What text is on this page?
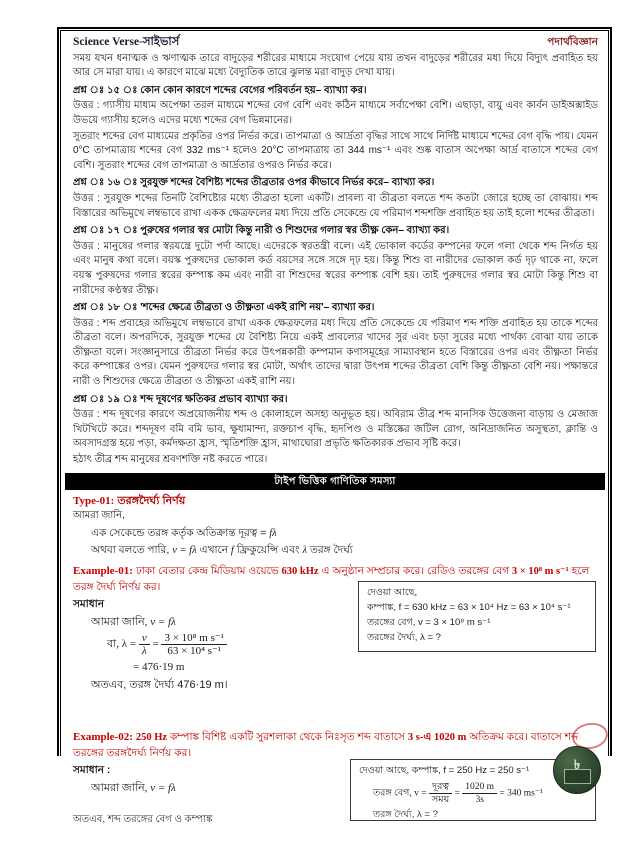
Science Verse-সাইভার্স	পদার্থবিজ্ঞান

সময় যখন ধনাত্মক ও ঋণাত্মক তারে বাদুড়ের শরীরের মাধ্যমে সংযোগ পেয়ে যায় তখন বাদুড়ের শরীরের মধ্য দিয়ে বিদ্যুৎ প্রবাহিত হয় আর সে মারা যায়। এ কারণে মাঝে মধ্যে বৈদ্যুতিক তারে ঝুলন্ত মরা বাদুড় দেখা যায়।

প্রশ্ন ঃ ১৫ ঃ কোন কোন কারণে শব্দের বেগের পরিবর্তন হয়– ব্যাখ্যা কর।

উত্তর : গ্যাসীয় মাধ্যম অপেক্ষা তরল মাধ্যমে শব্দের বেগ বেশি এবং কঠিন মাধ্যমে সর্বাপেক্ষা বেশি। এছাড়া, বায়ু এবং কার্বন ডাইঅক্সাইড উভয়ে গ্যাসীয় হলেও এদের মধ্যে শব্দের বেগ ভিন্নমানের।

সুতরাং শব্দের বেগ মাধ্যমের প্রকৃতির ওপর নির্ভর করে। তাপমাত্রা ও আর্দ্রতা বৃদ্ধির সাথে সাথে নির্দিষ্ট মাধ্যমে শব্দের বেগ বৃদ্ধি পায়। যেমন 0°C তাপমাত্রায় শব্দের বেগ 332 ms⁻¹ হলেও 20°C তাপমাত্রায় তা 344 ms⁻¹ এবং শুষ্ক বাতাস অপেক্ষা আর্দ্র বাতাসে শব্দের বেগ বেশি। সুতরাং শব্দের বেগ তাপমাত্রা ও আর্দ্রতার ওপরও নির্ভর করে।

প্রশ্ন ঃ ১৬ ঃ সুরযুক্ত শব্দের বৈশিষ্ট্য শব্দের তীব্রতার ওপর কীভাবে নির্ভর করে– ব্যাখ্যা কর।

উত্তর : সুরযুক্ত শব্দের তিনটি বৈশিষ্ট্যের মধ্যে তীব্রতা হলো একটি। প্রাবল্য বা তীব্রতা বলতে শব্দ কতটা জোরে হচ্ছে তা বোঝায়। শব্দ বিস্তারের অভিমুখে লম্বভাবে রাখা একক ক্ষেত্রফলের মধ্য দিয়ে প্রতি সেকেন্ডে যে পরিমাণ শব্দশক্তি প্রবাহিত হয় তাই হলো শব্দের তীব্রতা।

প্রশ্ন ঃ ১৭ ঃ পুরুষের গলার স্বর মোটা কিন্তু নারী ও শিশুদের গলার স্বর তীক্ষ্ণ কেন– ব্যাখ্যা কর।

উত্তর : মানুষের গলার স্বরযন্ত্রে দুটো পর্দা আছে। এদেরকে স্বরতন্ত্রী বলে। এই ভোকাল কর্ডের কম্পনের ফলে গলা থেকে শব্দ নির্গত হয় এবং মানুষ কথা বলে। বয়স্ক পুরুষদের ভোকাল কর্ড বয়সের সঙ্গে সঙ্গে দৃঢ় হয়। কিন্তু শিশু বা নারীদের ভোকাল কর্ড দৃঢ় থাকে না, ফলে বয়স্ক পুরুষদের গলার স্বরের কম্পাঙ্ক কম এবং নারী বা শিশুদের স্বরের কম্পাঙ্ক বেশি হয়। তাই পুরুষদের গলার স্বর মোটা কিন্তু শিশু বা নারীদের কণ্ঠস্বর তীক্ষ্ণ।

প্রশ্ন ঃ ১৮ ঃ 'শব্দের ক্ষেত্রে তীব্রতা ও তীক্ষ্ণতা একই রাশি নয়'– ব্যাখ্যা কর।

উত্তর : শব্দ প্রবাহের অভিমুখে লম্বভাবে রাখা একক ক্ষেত্রফলের মধ্য দিয়ে প্রতি সেকেন্ডে যে পরিমাণ শব্দ শক্তি প্রবাহিত হয় তাকে শব্দের তীব্রতা বলে। অপরদিকে, সুরযুক্ত শব্দের যে বৈশিষ্ট্য নিয়ে একই প্রাবল্যের খাদের সুর এবং চড়া সুরের মধ্যে পার্থক্য বোঝা যায় তাকে তীক্ষ্ণতা বলে। সংজ্ঞানুসারে তীব্রতা নির্ভর করে উৎপন্নকারী কম্পমান কণাসমূহের সাম্যাবস্থান হতে বিস্তারের ওপর এবং তীক্ষ্ণতা নির্ভর করে কম্পাঙ্কের ওপর। যেমন পুরুষদের গলার স্বর মোটা, অর্থাৎ তাদের দ্বারা উৎপন্ন শব্দের তীব্রতা বেশি কিন্তু তীক্ষ্ণতা বেশি নয়। পক্ষান্তরে নারী ও শিশুদের ক্ষেত্রে তীব্রতা ও তীক্ষ্ণতা একই রাশি নয়।

প্রশ্ন ঃ ১৯ ঃ শব্দ দূষণের ক্ষতিকর প্রভাব ব্যাখ্যা কর।

উত্তর : শব্দ দূষণের কারণে অপ্রয়োজনীয় শব্দ ও কোলাহলে অসহ্য অনুভূত হয়। অবিরাম তীব্র শব্দ মানসিক উত্তেজনা বাড়ায় ও মেজাজ খিটখিটে করে। শব্দদূষণ বমি বমি ভাব, ক্ষুধামান্দ্য, রক্তচাপ বৃদ্ধি, হৃদপিণ্ড ও মস্তিষ্কের জটিল রোগ, অনিদ্রাজনিত অসুস্থতা, ক্লান্তি ও অবসাদগ্রস্ত হয়ে পড়া, কর্মদক্ষতা হ্রাস, স্মৃতিশক্তি হ্রাস, মাথাঘোরা প্রভৃতি ক্ষতিকারক প্রভাব সৃষ্টি করে।

হঠাৎ তীব্র শব্দ মানুষের শ্রবণশক্তি নষ্ট করতে পারে।

টাইপ ভিত্তিক গাণিতিক সমস্যা
Type-01: তরঙ্গদৈর্ঘ্য নির্ণয়

আমরা জানি,

এক সেকেন্ডে তরঙ্গ কর্তৃক অতিক্রান্ত দূরত্ব = fλ

অথবা বলতে পারি, v = fλ এখানে f ফ্রিকুয়েন্সি এবং λ তরঙ্গ দৈর্ঘ্য

Example-01: ঢাকা বেতার কেন্দ্র মিডিয়াম ওয়েভে 630 kHz এ অনুষ্ঠান সম্প্রচার করে। রেডিও তরঙ্গের বেগ 3 × 10⁸ m s⁻¹ হলে তরঙ্গ দৈর্ঘ্য নির্ণয় কর।

সমাধান
আমরা জানি, v = fλ
বা, $\lambda = \frac{v}{\lambda} = \frac{\text{3 × 10⁸ m s⁻¹}}{\text{63 × 10⁴ s⁻¹}}$
= 476·19 m
অতএব, তরঙ্গ দৈর্ঘ্য 476·19 m।
দেওয়া আছে,
কম্পাঙ্ক, f = 630 kHz = 63 × 10⁴ Hz = 63 × 10⁴ s⁻¹
তরঙ্গের বেগ, v = 3 × 10⁸ m s⁻¹
তরঙ্গের দৈর্ঘ্য, λ = ?

Example-02: 250 Hz কম্পাঙ্ক বিশিষ্ট একটি সুরশলাকা থেকে নিঃসৃত শব্দ বাতাসে 3 s-এ 1020 m অতিক্রম করে। বাতাসে শব্দ তরঙ্গের তরঙ্গদৈর্ঘ্য নির্ণয় কর।

সমাধান :
আমরা জানি, v = fλ
অতএব, শব্দ তরঙ্গের বেগ ও কম্পাঙ্ক
দেওয়া আছে, কম্পাঙ্ক, f = 250 Hz = 250 s⁻¹
তরঙ্গ বেগ, $v = \frac{\text{দূরত্ব}}{\text{সময়}} = \frac{1020 m}{3s} = 340$ ms⁻¹
তরঙ্গ দৈর্ঘ্য, λ = ?
৳
